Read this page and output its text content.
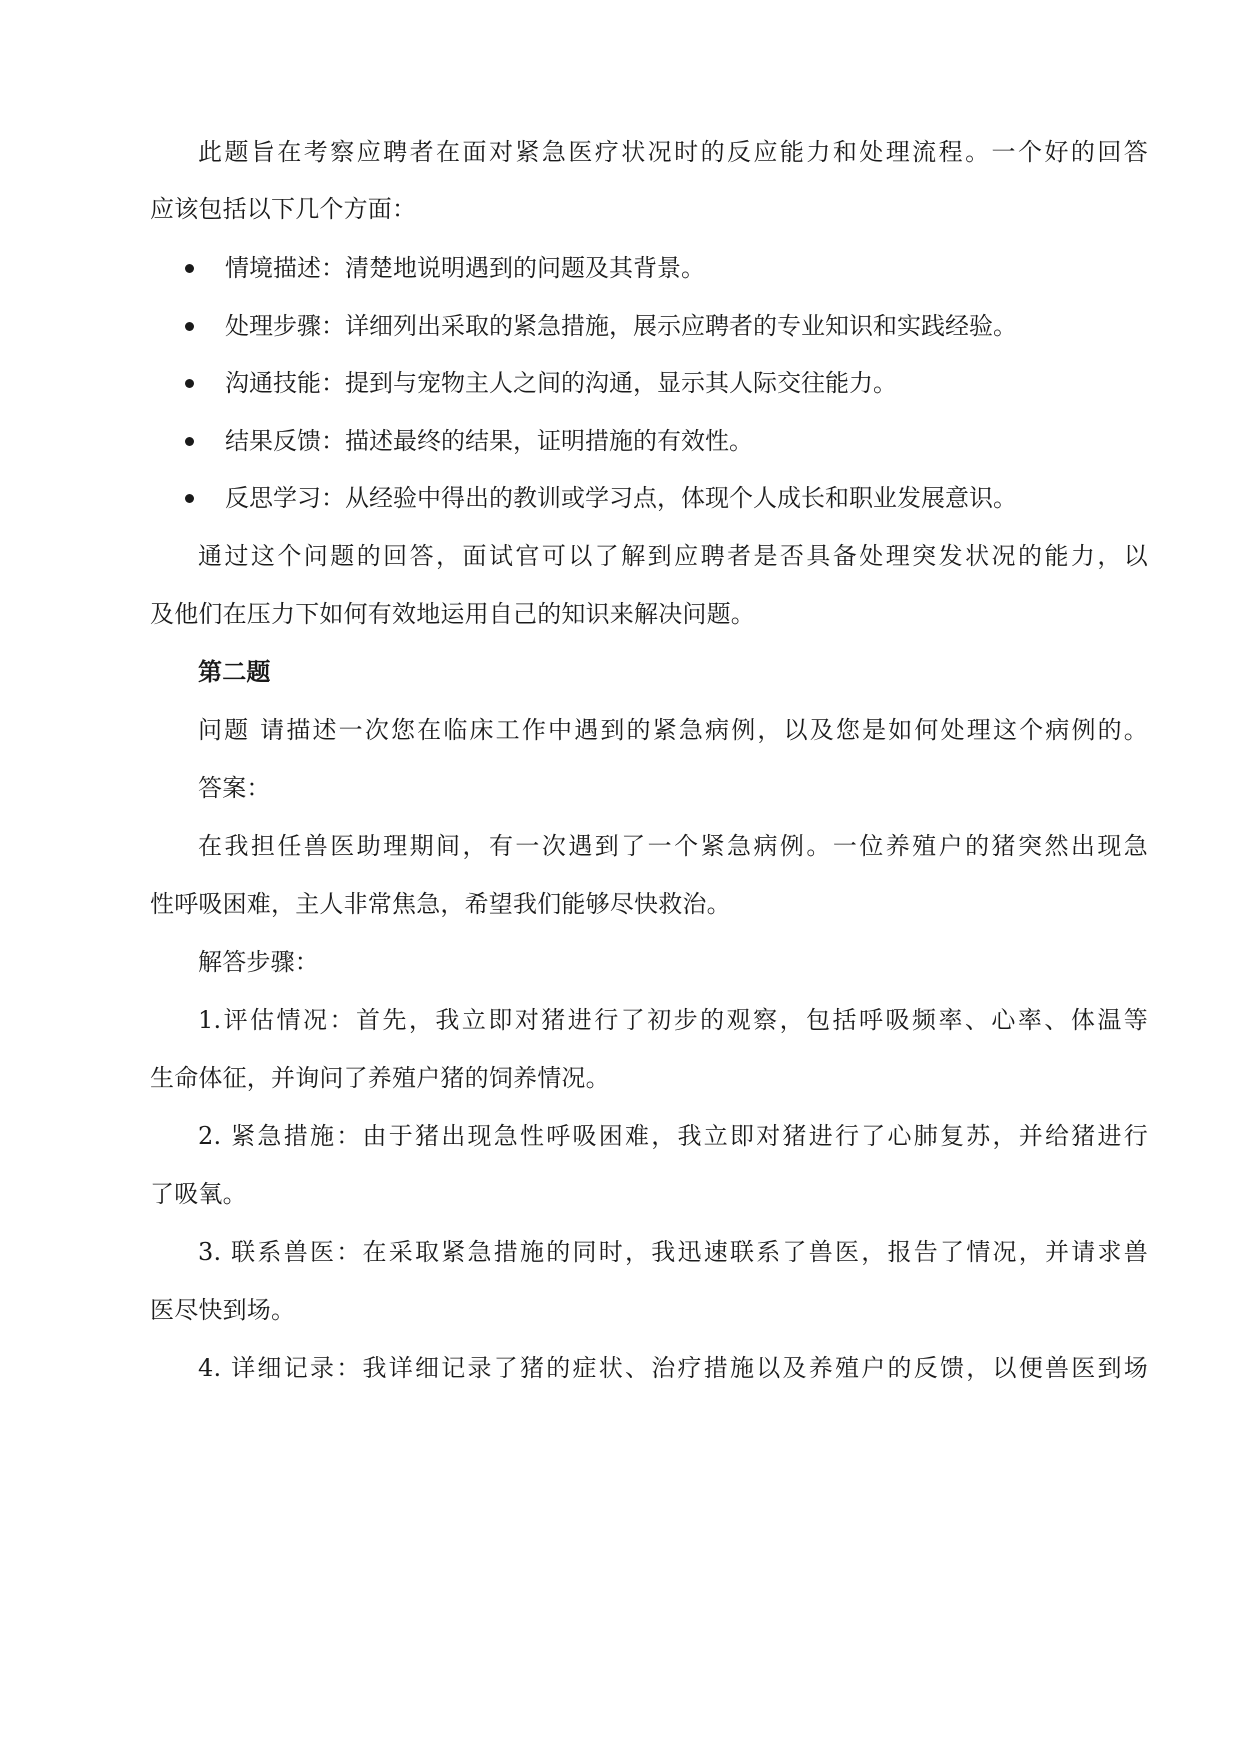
此题旨在考察应聘者在面对紧急医疗状况时的反应能力和处理流程。一个好的回答
应该包括以下几个方面：
情境描述：清楚地说明遇到的问题及其背景。
处理步骤：详细列出采取的紧急措施，展示应聘者的专业知识和实践经验。
沟通技能：提到与宠物主人之间的沟通，显示其人际交往能力。
结果反馈：描述最终的结果，证明措施的有效性。
反思学习：从经验中得出的教训或学习点，体现个人成长和职业发展意识。
通过这个问题的回答，面试官可以了解到应聘者是否具备处理突发状况的能力，以
及他们在压力下如何有效地运用自己的知识来解决问题。
第二题
问题 请描述一次您在临床工作中遇到的紧急病例，以及您是如何处理这个病例的。
答案：
在我担任兽医助理期间，有一次遇到了一个紧急病例。一位养殖户的猪突然出现急
性呼吸困难，主人非常焦急，希望我们能够尽快救治。
解答步骤：
1.评估情况：首先，我立即对猪进行了初步的观察，包括呼吸频率、心率、体温等
生命体征，并询问了养殖户猪的饲养情况。
2. 紧急措施：由于猪出现急性呼吸困难，我立即对猪进行了心肺复苏，并给猪进行
了吸氧。
3. 联系兽医：在采取紧急措施的同时，我迅速联系了兽医，报告了情况，并请求兽
医尽快到场。
4. 详细记录：我详细记录了猪的症状、治疗措施以及养殖户的反馈，以便兽医到场
